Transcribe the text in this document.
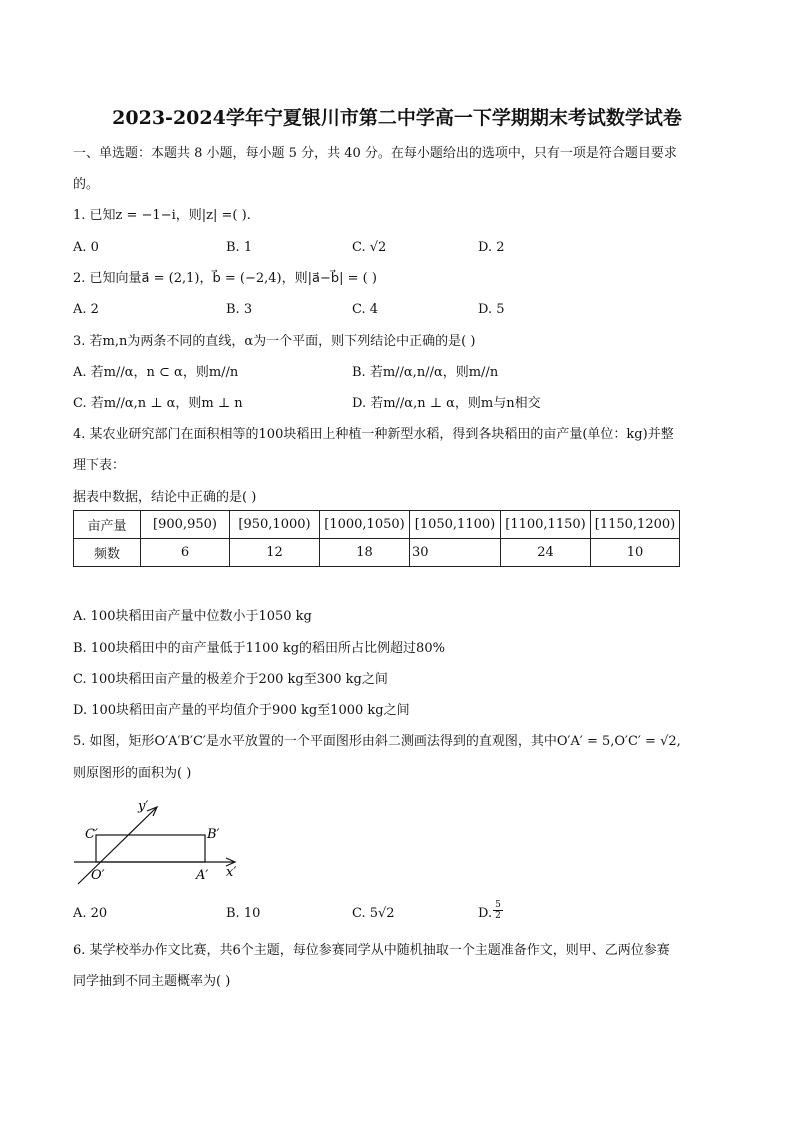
2023-2024学年宁夏银川市第二中学高一下学期期末考试数学试卷
一、单选题：本题共 8 小题，每小题 5 分，共 40 分。在每小题给出的选项中，只有一项是符合题目要求
的。
1. 已知z = −1−i，则|z| =( ).
A. 0	B. 1	C. √2	D. 2
2. 已知向量a⃗ = (2,1)，b⃗ = (−2,4)，则|a⃗−b⃗| = ( )
A. 2	B. 3	C. 4	D. 5
3. 若m,n为两条不同的直线，α为一个平面，则下列结论中正确的是( )
A. 若m//α，n ⊂ α，则m//n	B. 若m//α,n//α，则m//n
C. 若m//α,n ⊥ α，则m ⊥ n	D. 若m//α,n ⊥ α，则m与n相交
4. 某农业研究部门在面积相等的100块稻田上种植一种新型水稻，得到各块稻田的亩产量(单位：kg)并整
理下表：
据表中数据，结论中正确的是( )
亩产量	[900,950)	[950,1000)	[1000,1050)	[1050,1100)	[1100,1150)	[1150,1200)
频数	6	12	18	30	24	10
A. 100块稻田亩产量中位数小于1050 kg
B. 100块稻田中的亩产量低于1100 kg的稻田所占比例超过80%
C. 100块稻田亩产量的极差介于200 kg至300 kg之间
D. 100块稻田亩产量的平均值介于900 kg至1000 kg之间
5. 如图，矩形O′A′B′C′是水平放置的一个平面图形由斜二测画法得到的直观图，其中O′A′ = 5,O′C′ = √2,
则原图形的面积为( )
y′
x′
C′	B′
O′	A′
A. 20	B. 10	C. 5√2	D. $\frac{5}{2}$
6. 某学校举办作文比赛，共6个主题，每位参赛同学从中随机抽取一个主题准备作文，则甲、乙两位参赛
同学抽到不同主题概率为( )
